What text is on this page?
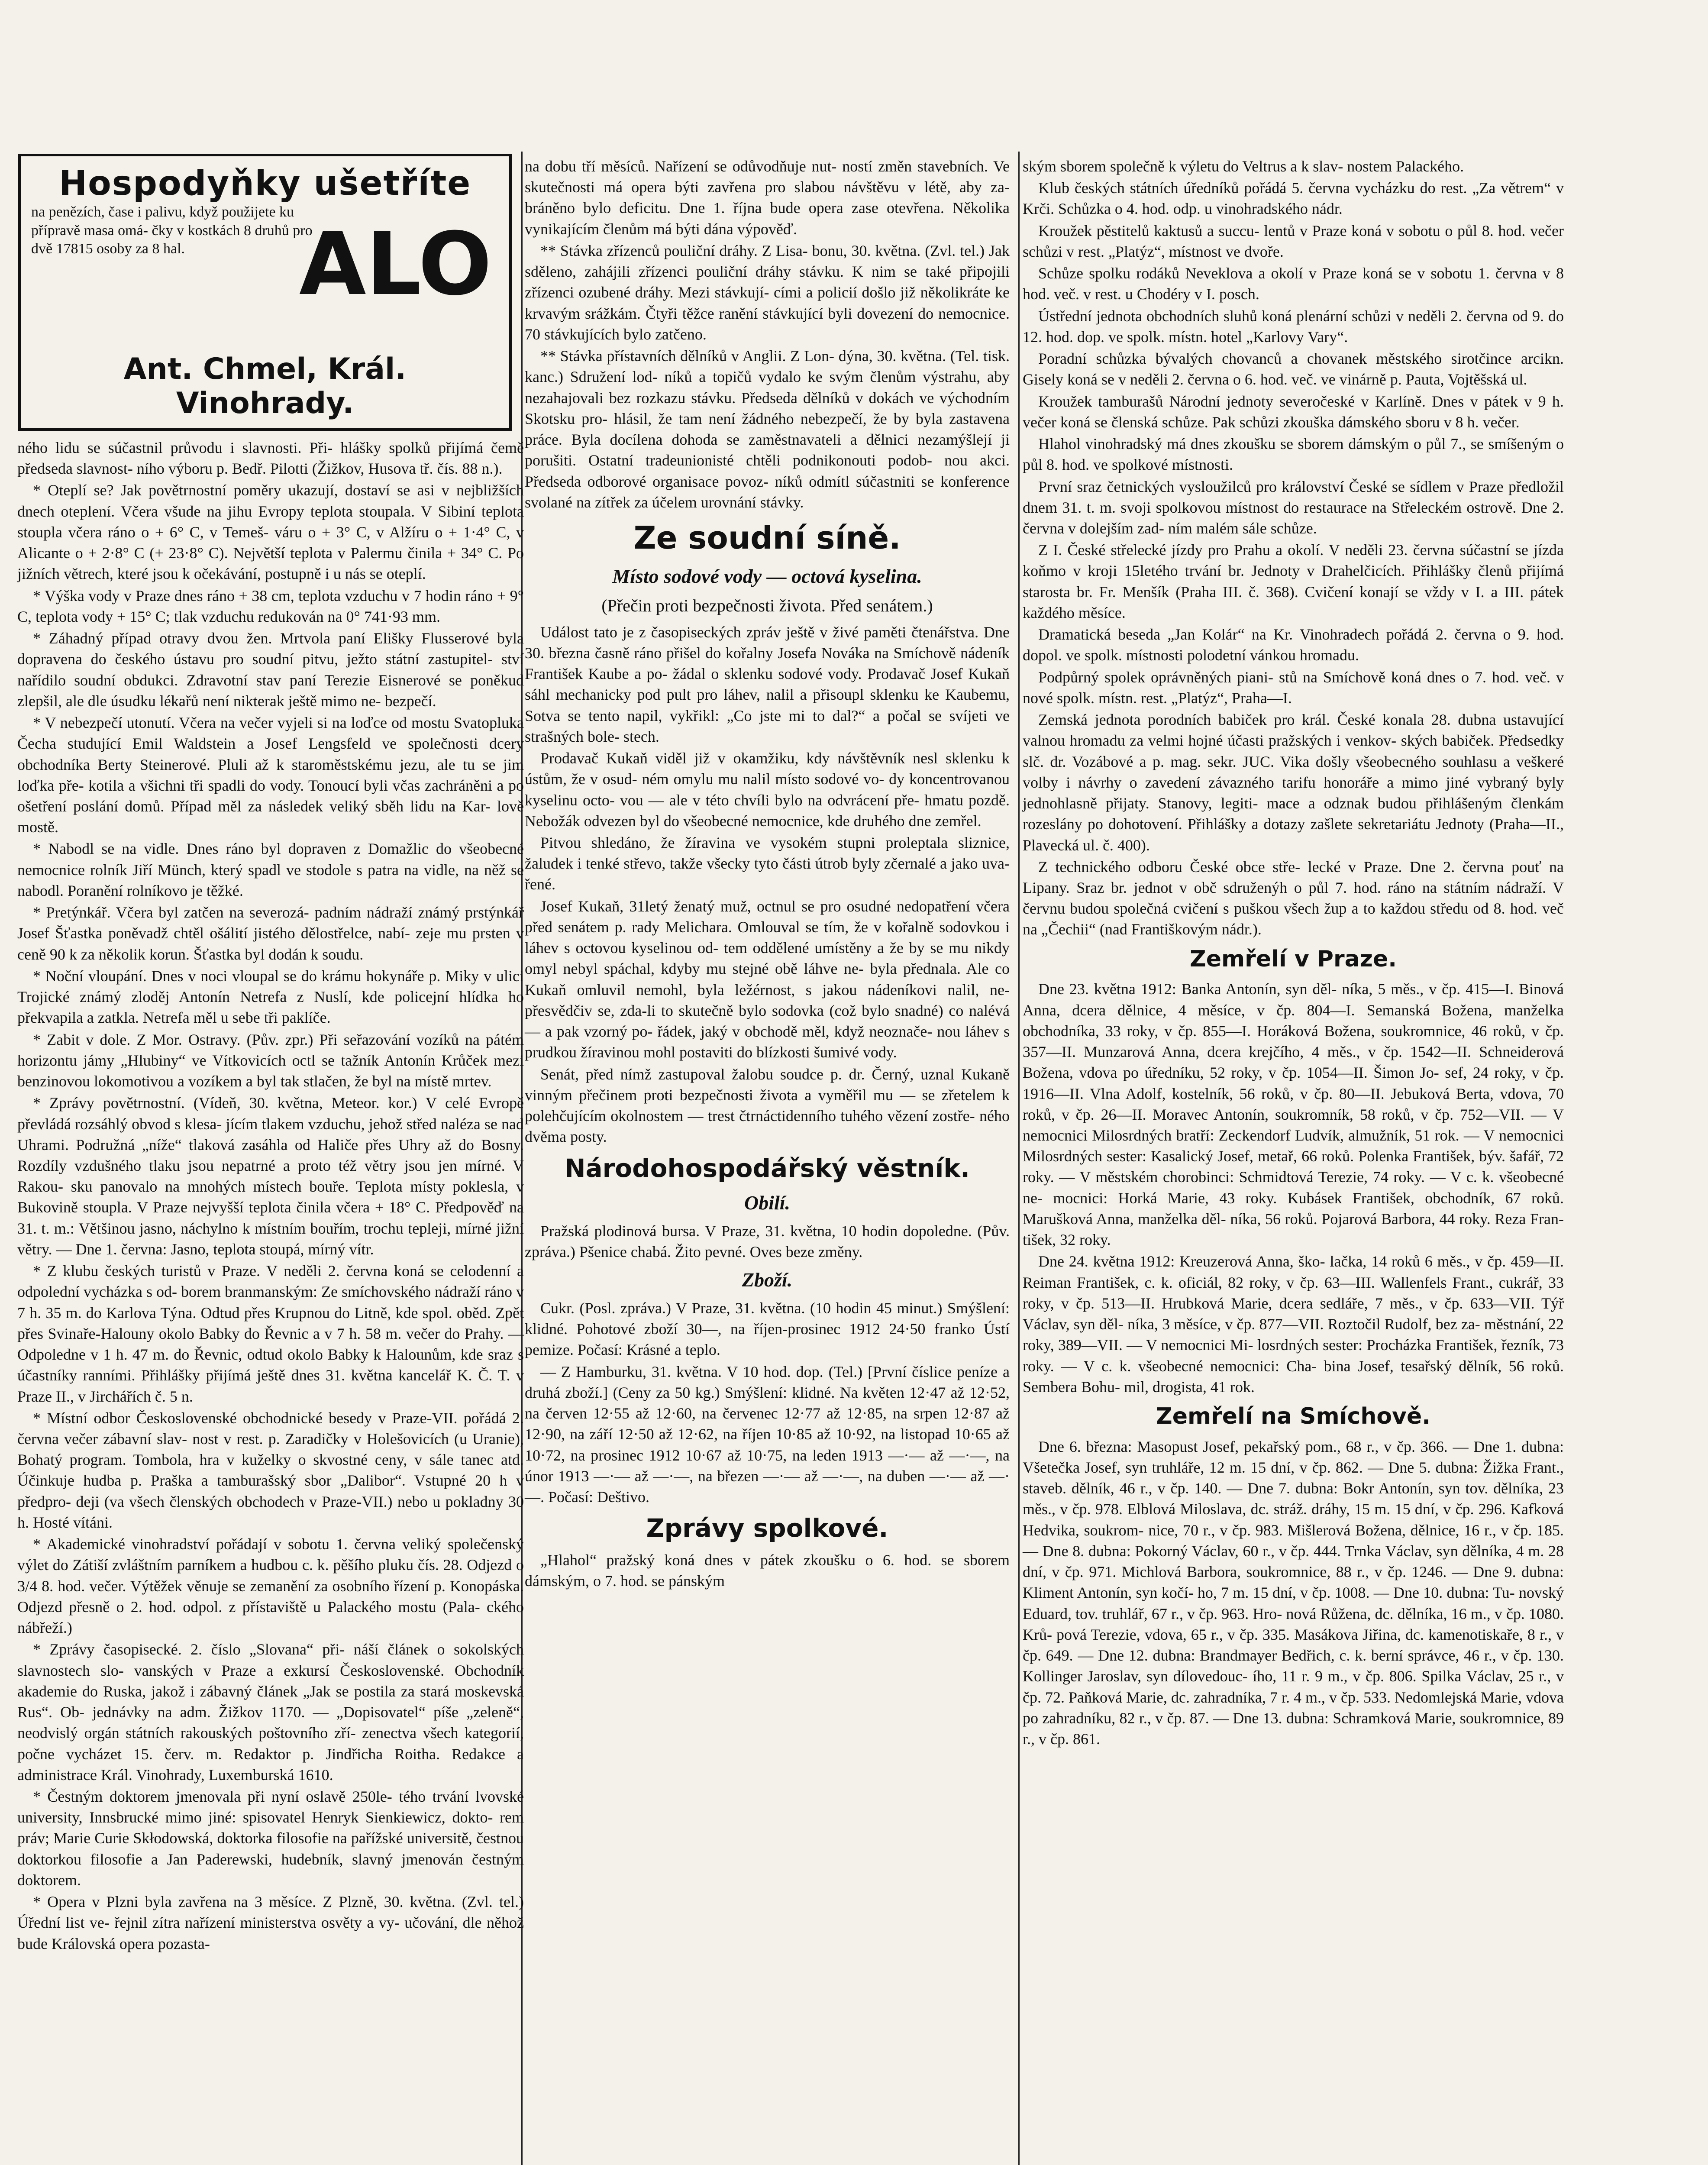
Hospodyňky ušetříte
na penězích, čase i palivu, když použijete ku přípravě masa omá- čky v kostkách 8 druhů pro dvě 17815 osoby za 8 hal.	ALO
Ant. Chmel, Král. Vinohrady.

ného lidu se súčastnil průvodu i slavnosti. Při- hlášky spolků přijímá čemě předseda slavnost- ního výboru p. Bedř. Pilotti (Žižkov, Husova tř. čís. 88 n.).

* Oteplí se? Jak povětrnostní poměry ukazují, dostaví se asi v nejbližších dnech oteplení. Včera všude na jihu Evropy teplota stoupala. V Sibiní teplota stoupla včera ráno o + 6° C, v Temeš- váru o + 3° C, v Alžíru o + 1·4° C, v Alicante o + 2·8° C (+ 23·8° C). Největší teplota v Palermu činila + 34° C. Po jižních větrech, které jsou k očekávání, postupně i u nás se oteplí.

* Výška vody v Praze dnes ráno + 38 cm, teplota vzduchu v 7 hodin ráno + 9° C, teplota vody + 15° C; tlak vzduchu redukován na 0° 741·93 mm.

* Záhadný případ otravy dvou žen. Mrtvola paní Elišky Flusserové byla dopravena do českého ústavu pro soudní pitvu, ježto státní zastupitel- ství nařídilo soudní obdukci. Zdravotní stav paní Terezie Eisnerové se poněkud zlepšil, ale dle úsudku lékařů není nikterak ještě mimo ne- bezpečí.

* V nebezpečí utonutí. Včera na večer vyjeli si na loďce od mostu Svatopluka Čecha studující Emil Waldstein a Josef Lengsfeld ve společnosti dcery obchodníka Berty Steinerové. Pluli až k staroměstskému jezu, ale tu se jim loďka pře- kotila a všichni tři spadli do vody. Tonoucí byli včas zachráněni a po ošetření poslání domů. Případ měl za následek veliký sběh lidu na Kar- lově mostě.

* Nabodl se na vidle. Dnes ráno byl dopraven z Domažlic do všeobecné nemocnice rolník Jiří Münch, který spadl ve stodole s patra na vidle, na něž se nabodl. Poranění rolníkovo je těžké.

* Pretýnkář. Včera byl zatčen na severozá- padním nádraží známý prstýnkář Josef Šťastka poněvadž chtěl ošálití jistého dělostřelce, nabí- zeje mu prsten v ceně 90 k za několik korun. Šťastka byl dodán k soudu.

* Noční vloupání. Dnes v noci vloupal se do krámu hokynáře p. Miky v ulici Trojické známý zloděj Antonín Netrefa z Nuslí, kde policejní hlídka ho překvapila a zatkla. Netrefa měl u sebe tři paklíče.

* Zabit v dole. Z Mor. Ostravy. (Pův. zpr.) Při seřazování vozíků na pátém horizontu jámy „Hlubiny“ ve Vítkovicích octl se tažník Antonín Krůček mezi benzinovou lokomotivou a vozíkem a byl tak stlačen, že byl na místě mrtev.

* Zprávy povětrnostní. (Vídeň, 30. května, Meteor. kor.) V celé Evropě převládá rozsáhlý obvod s klesa- jícím tlakem vzduchu, jehož střed naléza se nad Uhrami. Podružná „níže“ tlaková zasáhla od Haliče přes Uhry až do Bosny. Rozdíly vzdušného tlaku jsou nepatrné a proto též větry jsou jen mírné. V Rakou- sku panovalo na mnohých místech bouře. Teplota místy poklesla, v Bukovině stoupla. V Praze nejvyšší teplota činila včera + 18° C. Předpověď na 31. t. m.: Většinou jasno, náchylno k místním bouřím, trochu tepleji, mírné jižní větry. — Dne 1. června: Jasno, teplota stoupá, mírný vítr.

* Z klubu českých turistů v Praze. V neděli 2. června koná se celodenní a odpolední vycházka s od- borem branmanským: Ze smíchovského nádraží ráno v 7 h. 35 m. do Karlova Týna. Odtud přes Krupnou do Litně, kde spol. oběd. Zpět přes Svinaře-Halouny okolo Babky do Řevnic a v 7 h. 58 m. večer do Prahy. — Odpoledne v 1 h. 47 m. do Řevnic, odtud okolo Babky k Halounům, kde sraz s účastníky ranními. Přihlášky přijímá ještě dnes 31. května kancelář K. Č. T. v Praze II., v Jirchářích č. 5 n.

* Místní odbor Československé obchodnické besedy v Praze-VII. pořádá 2. června večer zábavní slav- nost v rest. p. Zaradičky v Holešovicích (u Uranie), Bohatý program. Tombola, hra v kuželky o skvostné ceny, v sále tanec atd. Účinkuje hudba p. Praška a tamburašský sbor „Dalibor“. Vstupné 20 h v předpro- deji (va všech členských obchodech v Praze-VII.) nebo u pokladny 30 h. Hosté vítáni.

* Akademické vinohradství pořádají v sobotu 1. června veliký společenský výlet do Zátiší zvláštním parníkem a hudbou c. k. pěšího pluku čís. 28. Odjezd o 3/4 8. hod. večer. Výtěžek věnuje se zemanění za osobního řízení p. Konopáska. Odjezd přesně o 2. hod. odpol. z přístaviště u Palackého mostu (Pala- ckého nábřeží.)

* Zprávy časopisecké. 2. číslo „Slovana“ při- náší článek o sokolských slavnostech slo- vanských v Praze a exkursí Československé. Obchodník akademie do Ruska, jakož i zábavný článek „Jak se postila za stará moskevská Rus“. Ob- jednávky na adm. Žižkov 1170. — „Dopisovatel“ píše „zeleně“, neodvislý orgán státních rakouských poštovního zří- zenectva všech kategorií, počne vycházet 15. červ. m. Redaktor p. Jindřicha Roitha. Redakce a administrace Král. Vinohrady, Luxemburská 1610.

* Čestným doktorem jmenovala při nyní oslavě 250le- tého trvání lvovské university, Innsbrucké mimo jiné: spisovatel Henryk Sienkiewicz, dokto- rem práv; Marie Curie Skłodowská, doktorka filosofie na pařížské universitě, čestnou doktorkou filosofie a Jan Paderewski, hudebník, slavný jmenován čestným doktorem.

* Opera v Plzni byla zavřena na 3 měsíce. Z Plzně, 30. května. (Zvl. tel.) Úřední list ve- řejnil zítra nařízení ministerstva osvěty a vy- učování, dle něhož bude Královská opera pozasta-

na dobu tří měsíců. Nařízení se odůvodňuje nut- ností změn stavebních. Ve skutečnosti má opera býti zavřena pro slabou návštěvu v létě, aby za- bráněno bylo deficitu. Dne 1. října bude opera zase otevřena. Několika vynikajícím členům má býti dána výpověď.

** Stávka zřízenců pouliční dráhy. Z Lisa- bonu, 30. května. (Zvl. tel.) Jak sděleno, zahájili zřízenci pouliční dráhy stávku. K nim se také připojili zřízenci ozubené dráhy. Mezi stávkují- cími a policií došlo již několikráte ke krvavým srážkám. Čtyři těžce ranění stávkující byli dovezení do nemocnice. 70 stávkujících bylo zatčeno.

** Stávka přístavních dělníků v Anglii. Z Lon- dýna, 30. května. (Tel. tisk. kanc.) Sdružení lod- níků a topičů vydalo ke svým členům výstrahu, aby nezahajovali bez rozkazu stávku. Předseda dělníků v dokách ve východním Skotsku pro- hlásil, že tam není žádného nebezpečí, že by byla zastavena práce. Byla docílena dohoda se zaměstnavateli a dělnici nezamýšlejí ji porušiti. Ostatní tradeunionisté chtěli podnikonouti podob- nou akci. Předseda odborové organisace povoz- níků odmítl súčastniti se konference svolané na zítřek za účelem urovnání stávky.

Ze soudní síně.
Místo sodové vody — octová kyselina.
(Přečin proti bezpečnosti života. Před senátem.)

Událost tato je z časopiseckých zpráv ještě v živé paměti čtenářstva. Dne 30. března časně ráno přišel do kořalny Josefa Nováka na Smíchově nádeník František Kaube a po- žádal o sklenku sodové vody. Prodavač Josef Kukaň sáhl mechanicky pod pult pro láhev, nalil a přisoupl sklenku ke Kaubemu, Sotva se tento napil, vykřikl: „Co jste mi to dal?“ a počal se svíjeti ve strašných bole- stech.

Prodavač Kukaň viděl již v okamžiku, kdy návštěvník nesl sklenku k ústům, že v osud- ném omylu mu nalil místo sodové vo- dy koncentrovanou kyselinu octo- vou — ale v této chvíli bylo na odvrácení pře- hmatu pozdě. Nebožák odvezen byl do všeobecné nemocnice, kde druhého dne zemřel.

Pitvou shledáno, že žíravina ve vysokém stupni proleptala sliznice, žaludek i tenké střevo, takže všecky tyto části útrob byly zčernalé a jako uva- řené.

Josef Kukaň, 31letý ženatý muž, octnul se pro osudné nedopatření včera před senátem p. rady Melichara. Omlouval se tím, že v kořalně sodovkou i láhev s octovou kyselinou od- tem oddělené umístěny a že by se mu nikdy omyl nebyl spáchal, kdyby mu stejné obě láhve ne- byla přednala. Ale co Kukaň omluvil nemohl, byla ležérnost, s jakou nádeníkovi nalil, ne- přesvědčiv se, zda-li to skutečně bylo sodovka (což bylo snadné) co nalévá — a pak vzorný po- řádek, jaký v obchodě měl, když neoznače- nou láhev s prudkou žíravinou mohl postaviti do blízkosti šumivé vody.

Senát, před nímž zastupoval žalobu soudce p. dr. Černý, uznal Kukaně vinným přečinem proti bezpečnosti života a vyměřil mu — se zřetelem k polehčujícím okolnostem — trest čtrnáctidenního tuhého vězení zostře- ného dvěma posty.

Národohospodářský věstník.
Obilí.

Pražská plodinová bursa. V Praze, 31. května, 10 hodin dopoledne. (Pův. zpráva.) Pšenice chabá. Žito pevné. Oves beze změny.

Zboží.

Cukr. (Posl. zpráva.) V Praze, 31. května. (10 hodin 45 minut.) Smýšlení: klidné. Pohotové zboží 30—, na říjen-prosinec 1912 24·50 franko Ústí pemize. Počasí: Krásné a teplo.

— Z Hamburku, 31. května. V 10 hod. dop. (Tel.) [První číslice peníze a druhá zboží.] (Ceny za 50 kg.) Smýšlení: klidné. Na květen 12·47 až 12·52, na červen 12·55 až 12·60, na červenec 12·77 až 12·85, na srpen 12·87 až 12·90, na září 12·50 až 12·62, na říjen 10·85 až 10·92, na listopad 10·65 až 10·72, na prosinec 1912 10·67 až 10·75, na leden 1913 —·— až —·—, na únor 1913 —·— až —·—, na březen —·— až —·—, na duben —·— až —·—. Počasí: Deštivo.

Zprávy spolkové.

„Hlahol“ pražský koná dnes v pátek zkoušku o 6. hod. se sborem dámským, o 7. hod. se pánským

ským sborem společně k výletu do Veltrus a k slav- nostem Palackého.

Klub českých státních úředníků pořádá 5. června vycházku do rest. „Za větrem“ v Krči. Schůzka o 4. hod. odp. u vinohradského nádr.

Kroužek pěstitelů kaktusů a succu- lentů v Praze koná v sobotu o půl 8. hod. večer schůzi v rest. „Platýz“, místnost ve dvoře.

Schůze spolku rodáků Neveklova a okolí v Praze koná se v sobotu 1. června v 8 hod. več. v rest. u Chodéry v I. posch.

Ústřední jednota obchodních sluhů koná plenární schůzi v neděli 2. června od 9. do 12. hod. dop. ve spolk. místn. hotel „Karlovy Vary“.

Poradní schůzka bývalých chovanců a chovanek městského sirotčince arcikn. Gisely koná se v neděli 2. června o 6. hod. več. ve vinárně p. Pauta, Vojtěšská ul.

Kroužek tamburašů Národní jednoty severočeské v Karlíně. Dnes v pátek v 9 h. večer koná se členská schůze. Pak schůzi zkouška dámského sboru v 8 h. večer.

Hlahol vinohradský má dnes zkoušku se sborem dámským o půl 7., se smíšeným o půl 8. hod. ve spolkové místnosti.

První sraz četnických vysloužilců pro království České se sídlem v Praze předložil dnem 31. t. m. svoji spolkovou místnost do restaurace na Střeleckém ostrově. Dne 2. června v dolejším zad- ním malém sále schůze.

Z I. České střelecké jízdy pro Prahu a okolí. V neděli 23. června súčastní se jízda koňmo v kroji 15letého trvání br. Jednoty v Drahelčicích. Přihlášky členů přijímá starosta br. Fr. Menšík (Praha III. č. 368). Cvičení konají se vždy v I. a III. pátek každého měsíce.

Dramatická beseda „Jan Kolár“ na Kr. Vinohradech pořádá 2. června o 9. hod. dopol. ve spolk. místnosti polodetní vánkou hromadu.

Podpůrný spolek oprávněných piani- stů na Smíchově koná dnes o 7. hod. več. v nové spolk. místn. rest. „Platýz“, Praha—I.

Zemská jednota porodních babiček pro král. České konala 28. dubna ustavující valnou hromadu za velmi hojné účasti pražských i venkov- ských babiček. Předsedky slč. dr. Vozábové a p. mag. sekr. JUC. Vika došly všeobecného souhlasu a veškeré volby i návrhy o zavedení závazného tarifu honoráře a mimo jiné vybraný byly jednohlasně přijaty. Stanovy, legiti- mace a odznak budou přihlášeným členkám rozeslány po dohotovení. Přihlášky a dotazy zašlete sekretariátu Jednoty (Praha—II., Plavecká ul. č. 400).

Z technického odboru České obce stře- lecké v Praze. Dne 2. června pouť na Lipany. Sraz br. jednot v obč sdruženýh o půl 7. hod. ráno na státním nádraží. V červnu budou společná cvičení s puškou všech žup a to každou středu od 8. hod. več na „Čechii“ (nad Františkovým nádr.).

Zemřelí v Praze.

Dne 23. května 1912: Banka Antonín, syn děl- níka, 5 měs., v čp. 415—I. Binová Anna, dcera dělnice, 4 měsíce, v čp. 804—I. Semanská Božena, manželka obchodníka, 33 roky, v čp. 855—I. Horáková Božena, soukromnice, 46 roků, v čp. 357—II. Munzarová Anna, dcera krejčího, 4 měs., v čp. 1542—II. Schneiderová Božena, vdova po úředníku, 52 roky, v čp. 1054—II. Šimon Jo- sef, 24 roky, v čp. 1916—II. Vlna Adolf, kostelník, 56 roků, v čp. 80—II. Jebuková Berta, vdova, 70 roků, v čp. 26—II. Moravec Antonín, soukromník, 58 roků, v čp. 752—VII. — V nemocnici Milosrdných bratří: Zeckendorf Ludvík, almužník, 51 rok. — V nemocnici Milosrdných sester: Kasalický Josef, metař, 66 roků. Polenka František, býv. šafář, 72 roky. — V městském chorobinci: Schmidtová Terezie, 74 roky. — V c. k. všeobecné ne- mocnici: Horká Marie, 43 roky. Kubásek František, obchodník, 67 roků. Marušková Anna, manželka děl- níka, 56 roků. Pojarová Barbora, 44 roky. Reza Fran- tišek, 32 roky.

Dne 24. května 1912: Kreuzerová Anna, ško- lačka, 14 roků 6 měs., v čp. 459—II. Reiman František, c. k. oficiál, 82 roky, v čp. 63—III. Wallenfels Frant., cukrář, 33 roky, v čp. 513—II. Hrubková Marie, dcera sedláře, 7 měs., v čp. 633—VII. Týř Václav, syn děl- níka, 3 měsíce, v čp. 877—VII. Roztočil Rudolf, bez za- městnání, 22 roky, 389—VII. — V nemocnici Mi- losrdných sester: Procházka František, řezník, 73 roky. — V c. k. všeobecné nemocnici: Cha- bina Josef, tesařský dělník, 56 roků. Sembera Bohu- mil, drogista, 41 rok.

Zemřelí na Smíchově.

Dne 6. března: Masopust Josef, pekařský pom., 68 r., v čp. 366. — Dne 1. dubna: Všetečka Josef, syn truhláře, 12 m. 15 dní, v čp. 862. — Dne 5. dubna: Žižka Frant., staveb. dělník, 46 r., v čp. 140. — Dne 7. dubna: Bokr Antonín, syn tov. dělníka, 23 měs., v čp. 978. Elblová Miloslava, dc. stráž. dráhy, 15 m. 15 dní, v čp. 296. Kafková Hedvika, soukrom- nice, 70 r., v čp. 983. Mišlerová Božena, dělnice, 16 r., v čp. 185. — Dne 8. dubna: Pokorný Václav, 60 r., v čp. 444. Trnka Václav, syn dělníka, 4 m. 28 dní, v čp. 971. Michlová Barbora, soukromnice, 88 r., v čp. 1246. — Dne 9. dubna: Kliment Antonín, syn kočí- ho, 7 m. 15 dní, v čp. 1008. — Dne 10. dubna: Tu- novský Eduard, tov. truhlář, 67 r., v čp. 963. Hro- nová Růžena, dc. dělníka, 16 m., v čp. 1080. Krů- pová Terezie, vdova, 65 r., v čp. 335. Masákova Jiřina, dc. kamenotiskaře, 8 r., v čp. 649. — Dne 12. dubna: Brandmayer Bedřich, c. k. berní správce, 46 r., v čp. 130. Kollinger Jaroslav, syn dílovedouc- ího, 11 r. 9 m., v čp. 806. Spilka Václav, 25 r., v čp. 72. Paňková Marie, dc. zahradníka, 7 r. 4 m., v čp. 533. Nedomlejská Marie, vdova po zahradníku, 82 r., v čp. 87. — Dne 13. dubna: Schramková Marie, soukromnice, 89 r., v čp. 861.
